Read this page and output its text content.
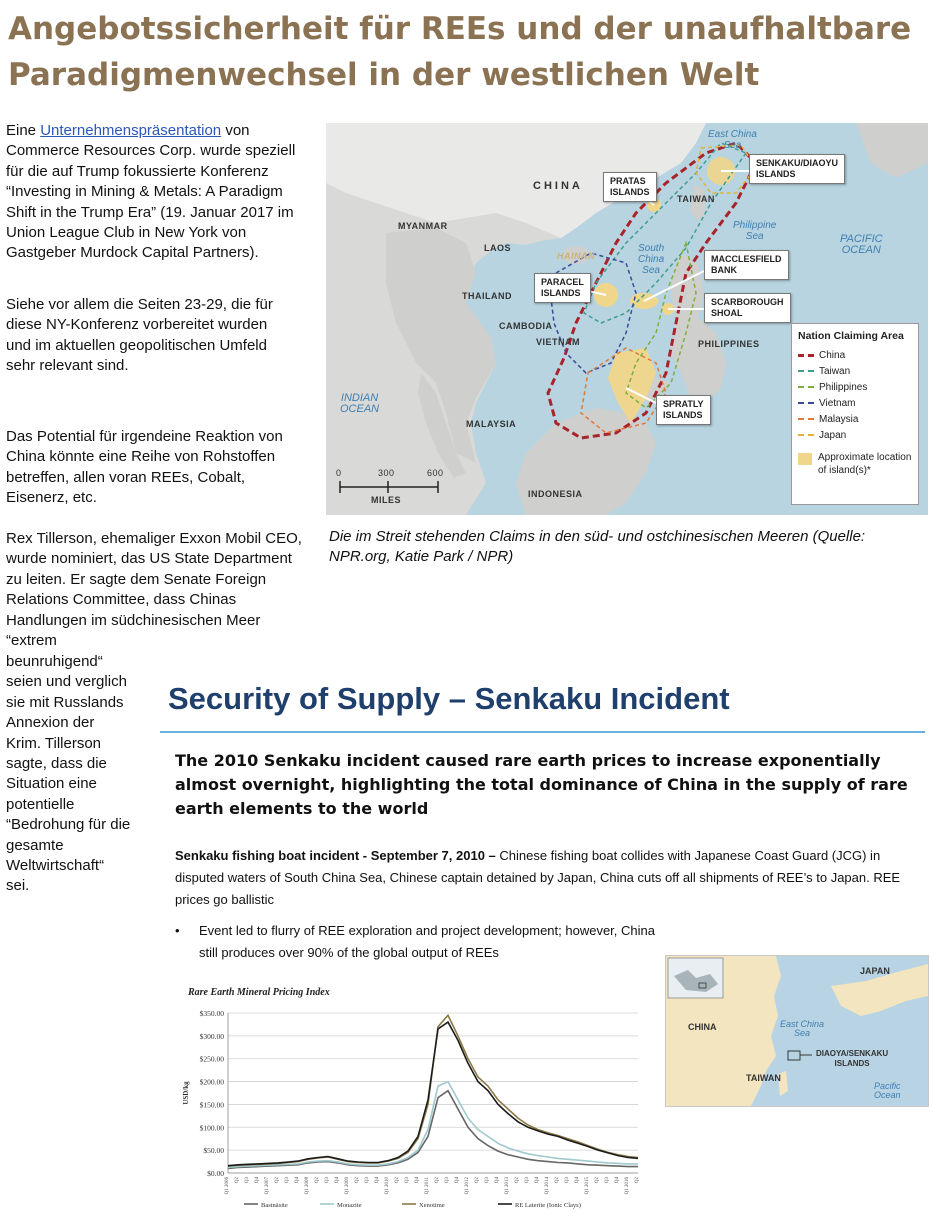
Angebotssicherheit für REEs und der unaufhaltbare Paradigmenwechsel in der westlichen Welt

Eine Unternehmenspräsentation von Commerce Resources Corp. wurde speziell für die auf Trump fokussierte Konferenz “Investing in Mining & Metals: A Paradigm Shift in the Trump Era” (19. Januar 2017 im Union League Club in New York von Gastgeber Murdock Capital Partners).

Siehe vor allem die Seiten 23-29, die für diese NY-Konferenz vorbereitet wurden und im aktuellen geopolitischen Umfeld sehr relevant sind.

Das Potential für irgendeine Reaktion von China könnte eine Reihe von Rohstoffen betreffen, allen voran REEs, Cobalt, Eisenerz, etc.

Rex Tillerson, ehemaliger Exxon Mobil CEO, wurde nominiert, das US State Department zu leiten. Er sagte dem Senate Foreign Relations Committee, dass Chinas Handlungen im südchinesischen Meer “extrem

beunruhigend“ seien und verglich sie mit Russlands Annexion der Krim. Tillerson sagte, dass die Situation eine potentielle “Bedrohung für die gesamte Weltwirtschaft“ sei.

CHINA
MYANMAR
LAOS
THAILAND
CAMBODIA
VIETNAM
MALAYSIA
INDONESIA
PHILIPPINES
TAIWAN
HAINAN
East China
Sea
South
China
Sea
Philippine
Sea	PACIFIC
OCEAN
INDIAN
OCEAN
SENKAKU/DIAOYU
ISLANDS
PRATAS
ISLANDS
PARACEL
ISLANDS
MACCLESFIELD
BANK
SCARBOROUGH
SHOAL
SPRATLY
ISLANDS
0	300	600
MILES
Nation Claiming Area
China
Taiwan
Philippines
Vietnam
Malaysia
Japan
Approximate location of island(s)*

Die im Streit stehenden Claims in den süd- und ostchinesischen Meeren (Quelle: NPR.org, Katie Park / NPR)

Security of Supply – Senkaku Incident

The 2010 Senkaku incident caused rare earth prices to increase exponentially almost overnight, highlighting the total dominance of China in the supply of rare earth elements to the world

Senkaku fishing boat incident - September 7, 2010 – Chinese fishing boat collides with Japanese Coast Guard (JCG) in disputed waters of South China Sea, Chinese captain detained by Japan, China cuts off all shipments of REE’s to Japan. REE prices go ballistic

•	Event led to flurry of REE exploration and project development; however, China still produces over 90% of the global output of REEs
$0.00
$50.00
$100.00
$150.00
$200.00
$250.00
$300.00
$350.00
USD/kg
Q1 2006 Q2 Q3 Q4 Q1 2007 Q2 Q3 Q4 Q1 2008 Q2 Q3 Q4 Q1 2009 Q2 Q3 Q4 Q1 2010 Q2 Q3 Q4 Q1 2011 Q2 Q3 Q4 Q1 2012 Q2 Q3 Q4 Q1 2013 Q2 Q3 Q4 Q1 2014 Q2 Q3 Q4 Q1 2015 Q2 Q3 Q4 Q1 2016 Q2
Bastnäsite	Monazite	Xenotime	RE Laterite (Ionic Clays)

Rare Earth Mineral Pricing Index

CHINA
JAPAN
TAIWAN
East China
Sea
DIAOYA/SENKAKU
ISLANDS
Pacific
Ocean
